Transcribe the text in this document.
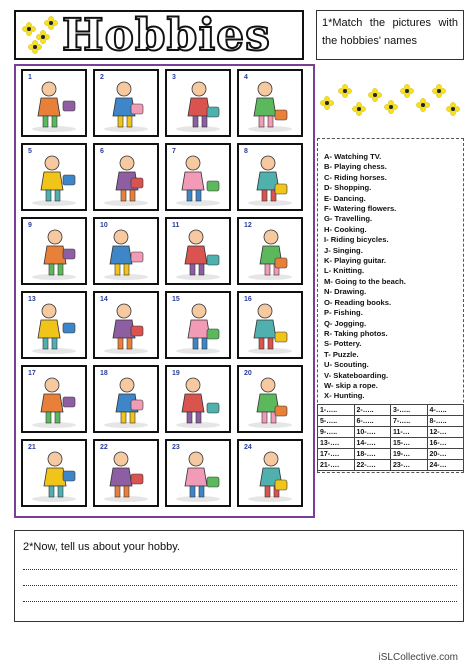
Hobbies	1*Match the pictures with the hobbies' names
1	2	3	4
5	6	7	8
9	10	11	12
13	14	15	16
17	18	19	20
21	22	23	24
A- Watching TV.
B- Playing chess.
C- Riding horses.
D- Shopping.
E- Dancing.
F- Watering flowers.
G- Travelling.
H- Cooking.
I- Riding bicycles.
J- Singing.
K- Playing guitar.
L- Knitting.
M- Going to the beach.
N- Drawing.
O- Reading books.
P- Fishing.
Q- Jogging.
R- Taking photos.
S- Pottery.
T- Puzzle.
U- Scouting.
V- Skateboarding.
W- skip a rope.
X- Hunting.
1-…..	2-…..	3-…..	4-…..
5-…..	6-…..	7-…..	8-…..
9-…..	10-….	11-…	12-…
13-….	14-….	15-…	16-…
17-….	18-….	19-…	20-…
21-….	22-….	23-…	24-…
2*Now, tell us about your hobby.
iSLCollective.com
